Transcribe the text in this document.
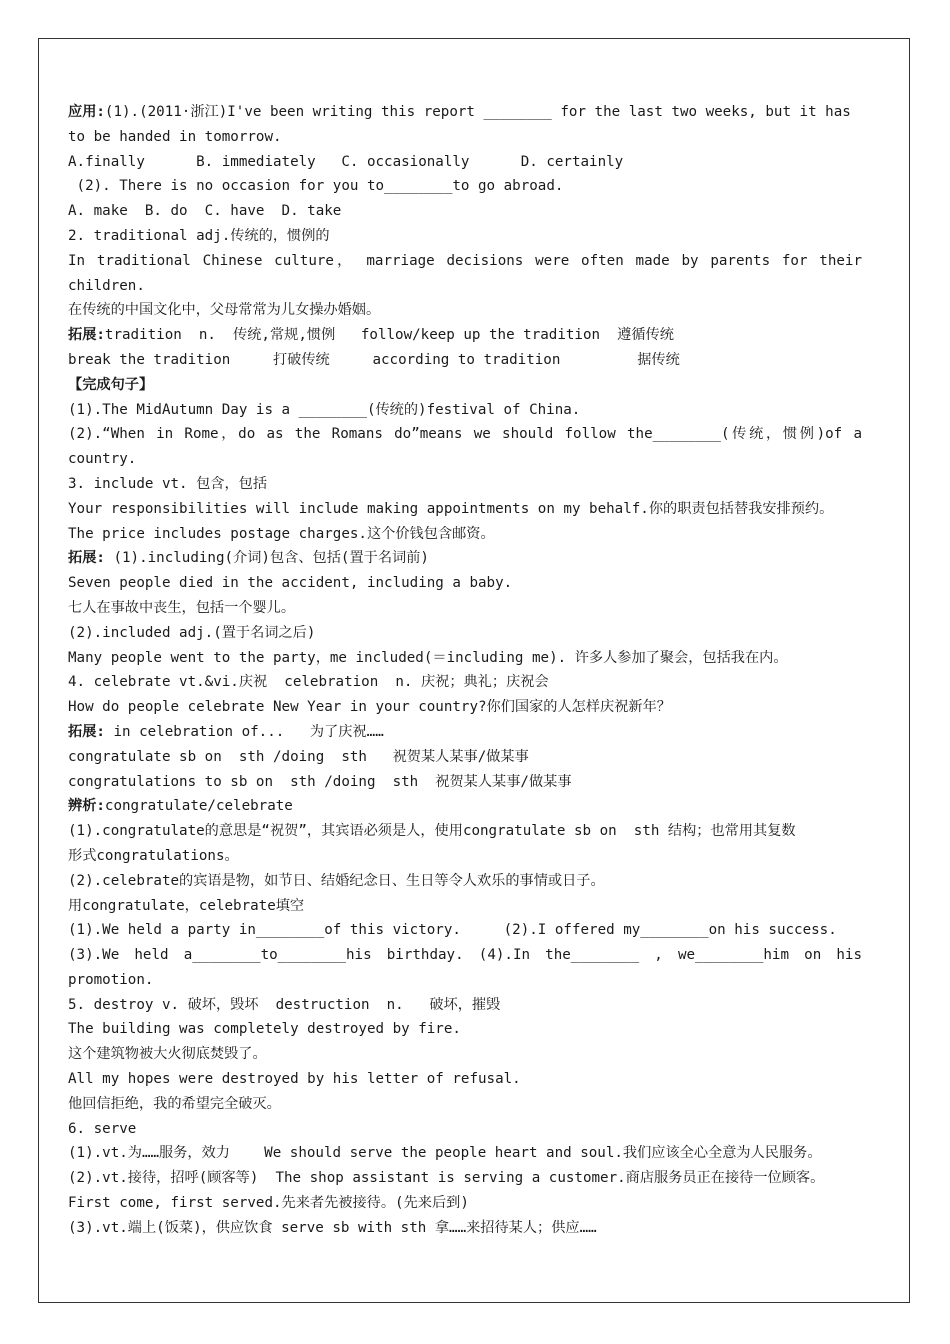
应用:(1).(2011·浙江)I've been writing this report ________ for the last two weeks, but it has
to be handed in tomorrow.
A.finally      B. immediately   C. occasionally      D. certainly
(2). There is no occasion for you to________to go abroad.
A. make  B. do  C. have  D. take
2. traditional adj.传统的，惯例的
In traditional Chinese culture， marriage decisions were often made by parents for their
children.
在传统的中国文化中，父母常常为儿女操办婚姻。
拓展:tradition  n.  传统,常规,惯例   follow/keep up the tradition  遵循传统
break the tradition     打破传统     according to tradition         据传统
【完成句子】
(1).The MidAutumn Day is a ________(传统的)festival of China.
(2).“When in Rome，do as the Romans do”means we should follow the________(传统，惯例)of a
country.
3. include vt. 包含，包括
Your responsibilities will include making appointments on my behalf.你的职责包括替我安排预约。
The price includes postage charges.这个价钱包含邮资。
拓展: (1).including(介词)包含、包括(置于名词前)
Seven people died in the accident, including a baby.
七人在事故中丧生，包括一个婴儿。
(2).included adj.(置于名词之后)
Many people went to the party，me included(＝including me). 许多人参加了聚会，包括我在内。
4. celebrate vt.&vi.庆祝  celebration  n. 庆祝；典礼；庆祝会
How do people celebrate New Year in your country?你们国家的人怎样庆祝新年？
拓展: in celebration of...   为了庆祝……
congratulate sb on  sth /doing  sth   祝贺某人某事/做某事
congratulations to sb on  sth /doing  sth  祝贺某人某事/做某事
辨析:congratulate/celebrate
(1).congratulate的意思是“祝贺”，其宾语必须是人，使用congratulate sb on  sth 结构；也常用其复数
形式congratulations。
(2).celebrate的宾语是物，如节日、结婚纪念日、生日等令人欢乐的事情或日子。
用congratulate，celebrate填空
(1).We held a party in________of this victory.     (2).I offered my________on his success.
(3).We held a________to________his birthday. (4).In the________ , we________him on his
promotion.
5. destroy v. 破坏，毁坏  destruction  n.   破坏，摧毁
The building was completely destroyed by fire.
这个建筑物被大火彻底焚毁了。
All my hopes were destroyed by his letter of refusal.
他回信拒绝，我的希望完全破灭。
6. serve
(1).vt.为……服务，效力    We should serve the people heart and soul.我们应该全心全意为人民服务。
(2).vt.接待，招呼(顾客等)  The shop assistant is serving a customer.商店服务员正在接待一位顾客。
First come, first served.先来者先被接待。(先来后到)
(3).vt.端上(饭菜)，供应饮食 serve sb with sth 拿……来招待某人；供应……
